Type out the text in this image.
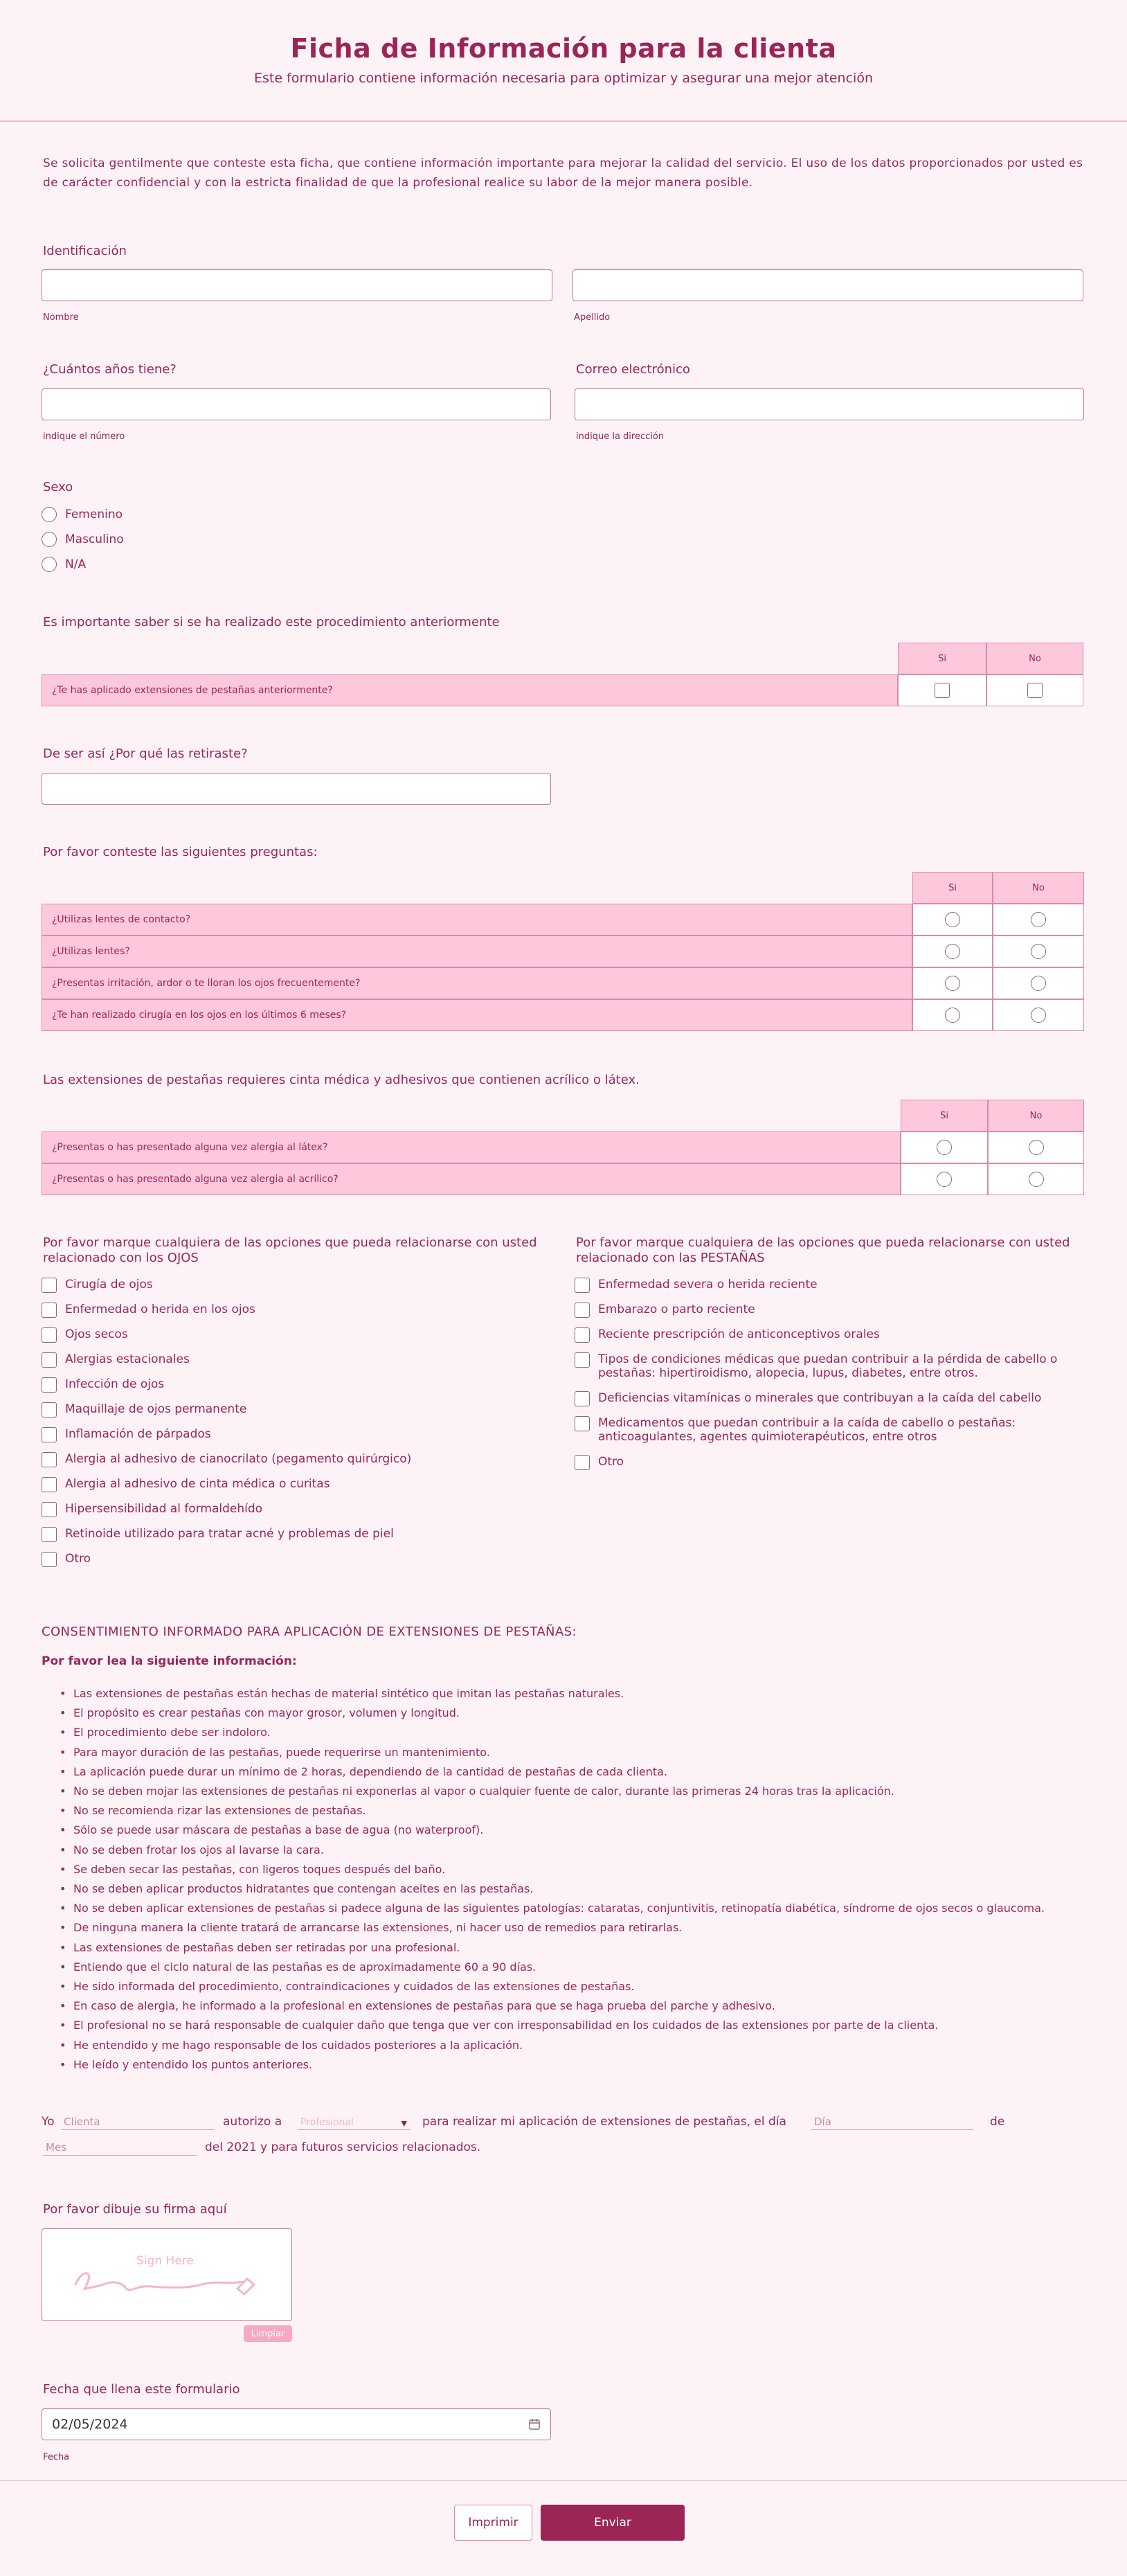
Ficha de Información para la clienta
Este formulario contiene información necesaria para optimizar y asegurar una mejor atención
Se solicita gentilmente que conteste esta ficha, que contiene información importante para mejorar la calidad del servicio. El uso de los datos proporcionados por usted es de carácter confidencial y con la estricta finalidad de que la profesional realice su labor de la mejor manera posible.
Identificación
Nombre	Apellido
¿Cuántos años tiene?	Correo electrónico
indique el número	indique la dirección
Sexo
Femenino
Masculino
N/A
Es importante saber si se ha realizado este procedimiento anteriormente
Si	No
¿Te has aplicado extensiones de pestañas anteriormente?
De ser así ¿Por qué las retiraste?
Por favor conteste las siguientes preguntas:
Si	No
¿Utilizas lentes de contacto?
¿Utilizas lentes?
¿Presentas irritación, ardor o te lloran los ojos frecuentemente?
¿Te han realizado cirugía en los ojos en los últimos 6 meses?
Las extensiones de pestañas requieres cinta médica y adhesivos que contienen acrílico o látex.
Si	No
¿Presentas o has presentado alguna vez alergia al látex?
¿Presentas o has presentado alguna vez alergia al acrílico?
Por favor marque cualquiera de las opciones que pueda relacionarse con usted relacionado con los OJOS
Cirugía de ojos
Enfermedad o herida en los ojos
Ojos secos
Alergias estacionales
Infección de ojos
Maquillaje de ojos permanente
Inflamación de párpados
Alergia al adhesivo de cianocrilato (pegamento quirúrgico)
Alergia al adhesivo de cinta médica o curitas
Hipersensibilidad al formaldehído
Retinoide utilizado para tratar acné y problemas de piel
Otro
Por favor marque cualquiera de las opciones que pueda relacionarse con usted relacionado con las PESTAÑAS
Enfermedad severa o herida reciente
Embarazo o parto reciente
Reciente prescripción de anticonceptivos orales
Tipos de condiciones médicas que puedan contribuir a la pérdida de cabello o pestañas: hipertiroidismo, alopecia, lupus, diabetes, entre otros.
Deficiencias vitamínicas o minerales que contribuyan a la caída del cabello
Medicamentos que puedan contribuir a la caída de cabello o pestañas: anticoagulantes, agentes quimioterapéuticos, entre otros
Otro
CONSENTIMIENTO INFORMADO PARA APLICACIÓN DE EXTENSIONES DE PESTAÑAS:
Por favor lea la siguiente información:
• Las extensiones de pestañas están hechas de material sintético que imitan las pestañas naturales.
• El propósito es crear pestañas con mayor grosor, volumen y longitud.
• El procedimiento debe ser indoloro.
• Para mayor duración de las pestañas, puede requerirse un mantenimiento.
• La aplicación puede durar un mínimo de 2 horas, dependiendo de la cantidad de pestañas de cada clienta.
• No se deben mojar las extensiones de pestañas ni exponerlas al vapor o cualquier fuente de calor, durante las primeras 24 horas tras la aplicación.
• No se recomienda rizar las extensiones de pestañas.
• Sólo se puede usar máscara de pestañas a base de agua (no waterproof).
• No se deben frotar los ojos al lavarse la cara.
• Se deben secar las pestañas, con ligeros toques después del baño.
• No se deben aplicar productos hidratantes que contengan aceites en las pestañas.
• No se deben aplicar extensiones de pestañas si padece alguna de las siguientes patologías: cataratas, conjuntivitis, retinopatía diabética, síndrome de ojos secos o glaucoma.
• De ninguna manera la cliente tratará de arrancarse las extensiones, ni hacer uso de remedios para retirarlas.
• Las extensiones de pestañas deben ser retiradas por una profesional.
• Entiendo que el ciclo natural de las pestañas es de aproximadamente 60 a 90 días.
• He sido informada del procedimiento, contraindicaciones y cuidados de las extensiones de pestañas.
• En caso de alergia, he informado a la profesional en extensiones de pestañas para que se haga prueba del parche y adhesivo.
• El profesional no se hará responsable de cualquier daño que tenga que ver con irresponsabilidad en los cuidados de las extensiones por parte de la clienta.
• He entendido y me hago responsable de los cuidados posteriores a la aplicación.
• He leído y entendido los puntos anteriores.
Yo Clienta	autorizo a Profesional	▼ para realizar mi aplicación de extensiones de pestañas, el día	Día	de
Mes	del 2021 y para futuros servicios relacionados.
Por favor dibuje su firma aquí
Sign Here
Limpiar
Fecha que llena este formulario
02/05/2024
Fecha
Imprimir	Enviar
